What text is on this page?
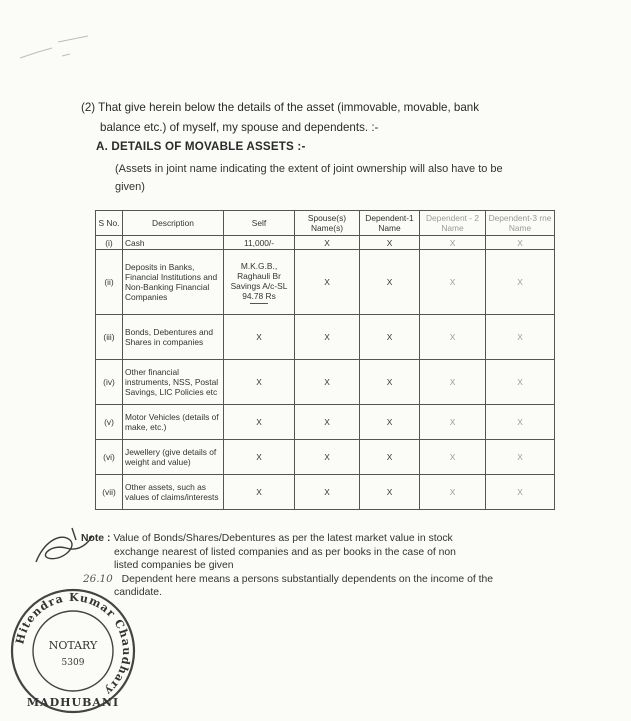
(2) That give herein below the details of the asset (immovable, movable, bank
balance etc.) of myself, my spouse and dependents. :-
A. DETAILS OF MOVABLE ASSETS :-
(Assets in joint name indicating the extent of joint ownership will also have to be
given)
S No.	Description	Self	Spouse(s) Name(s)	Dependent-1 Name	Dependent - 2 Name	Dependent-3 rne Name
(i)	Cash	11,000/-	X	X	X	X
(ii)	Deposits in Banks, Financial Institutions and Non-Banking Financial Companies	M.K.G.B.,
Raghauli Br
Savings A/c-SL
94.78 Rs	X	X	X	X
(iii)	Bonds, Debentures and Shares in companies	X	X	X	X	X
(iv)	Other financial instruments, NSS, Postal Savings, LIC Policies etc	X	X	X	X	X
(v)	Motor Vehicles (details of make, etc.)	X	X	X	X	X
(vi)	Jewellery (give details of weight and value)	X	X	X	X	X
(vii)	Other assets, such as values of claims/interests	X	X	X	X	X
Note : Value of Bonds/Shares/Debentures as per the latest market value in stock
exchange nearest of listed companies and as per books in the case of non
listed companies be given
26.10 Dependent here means a persons substantially dependents on the income of the
candidate.
Hitendra Kumar Chaudhary
NOTARY
5309
MADHUBANI
